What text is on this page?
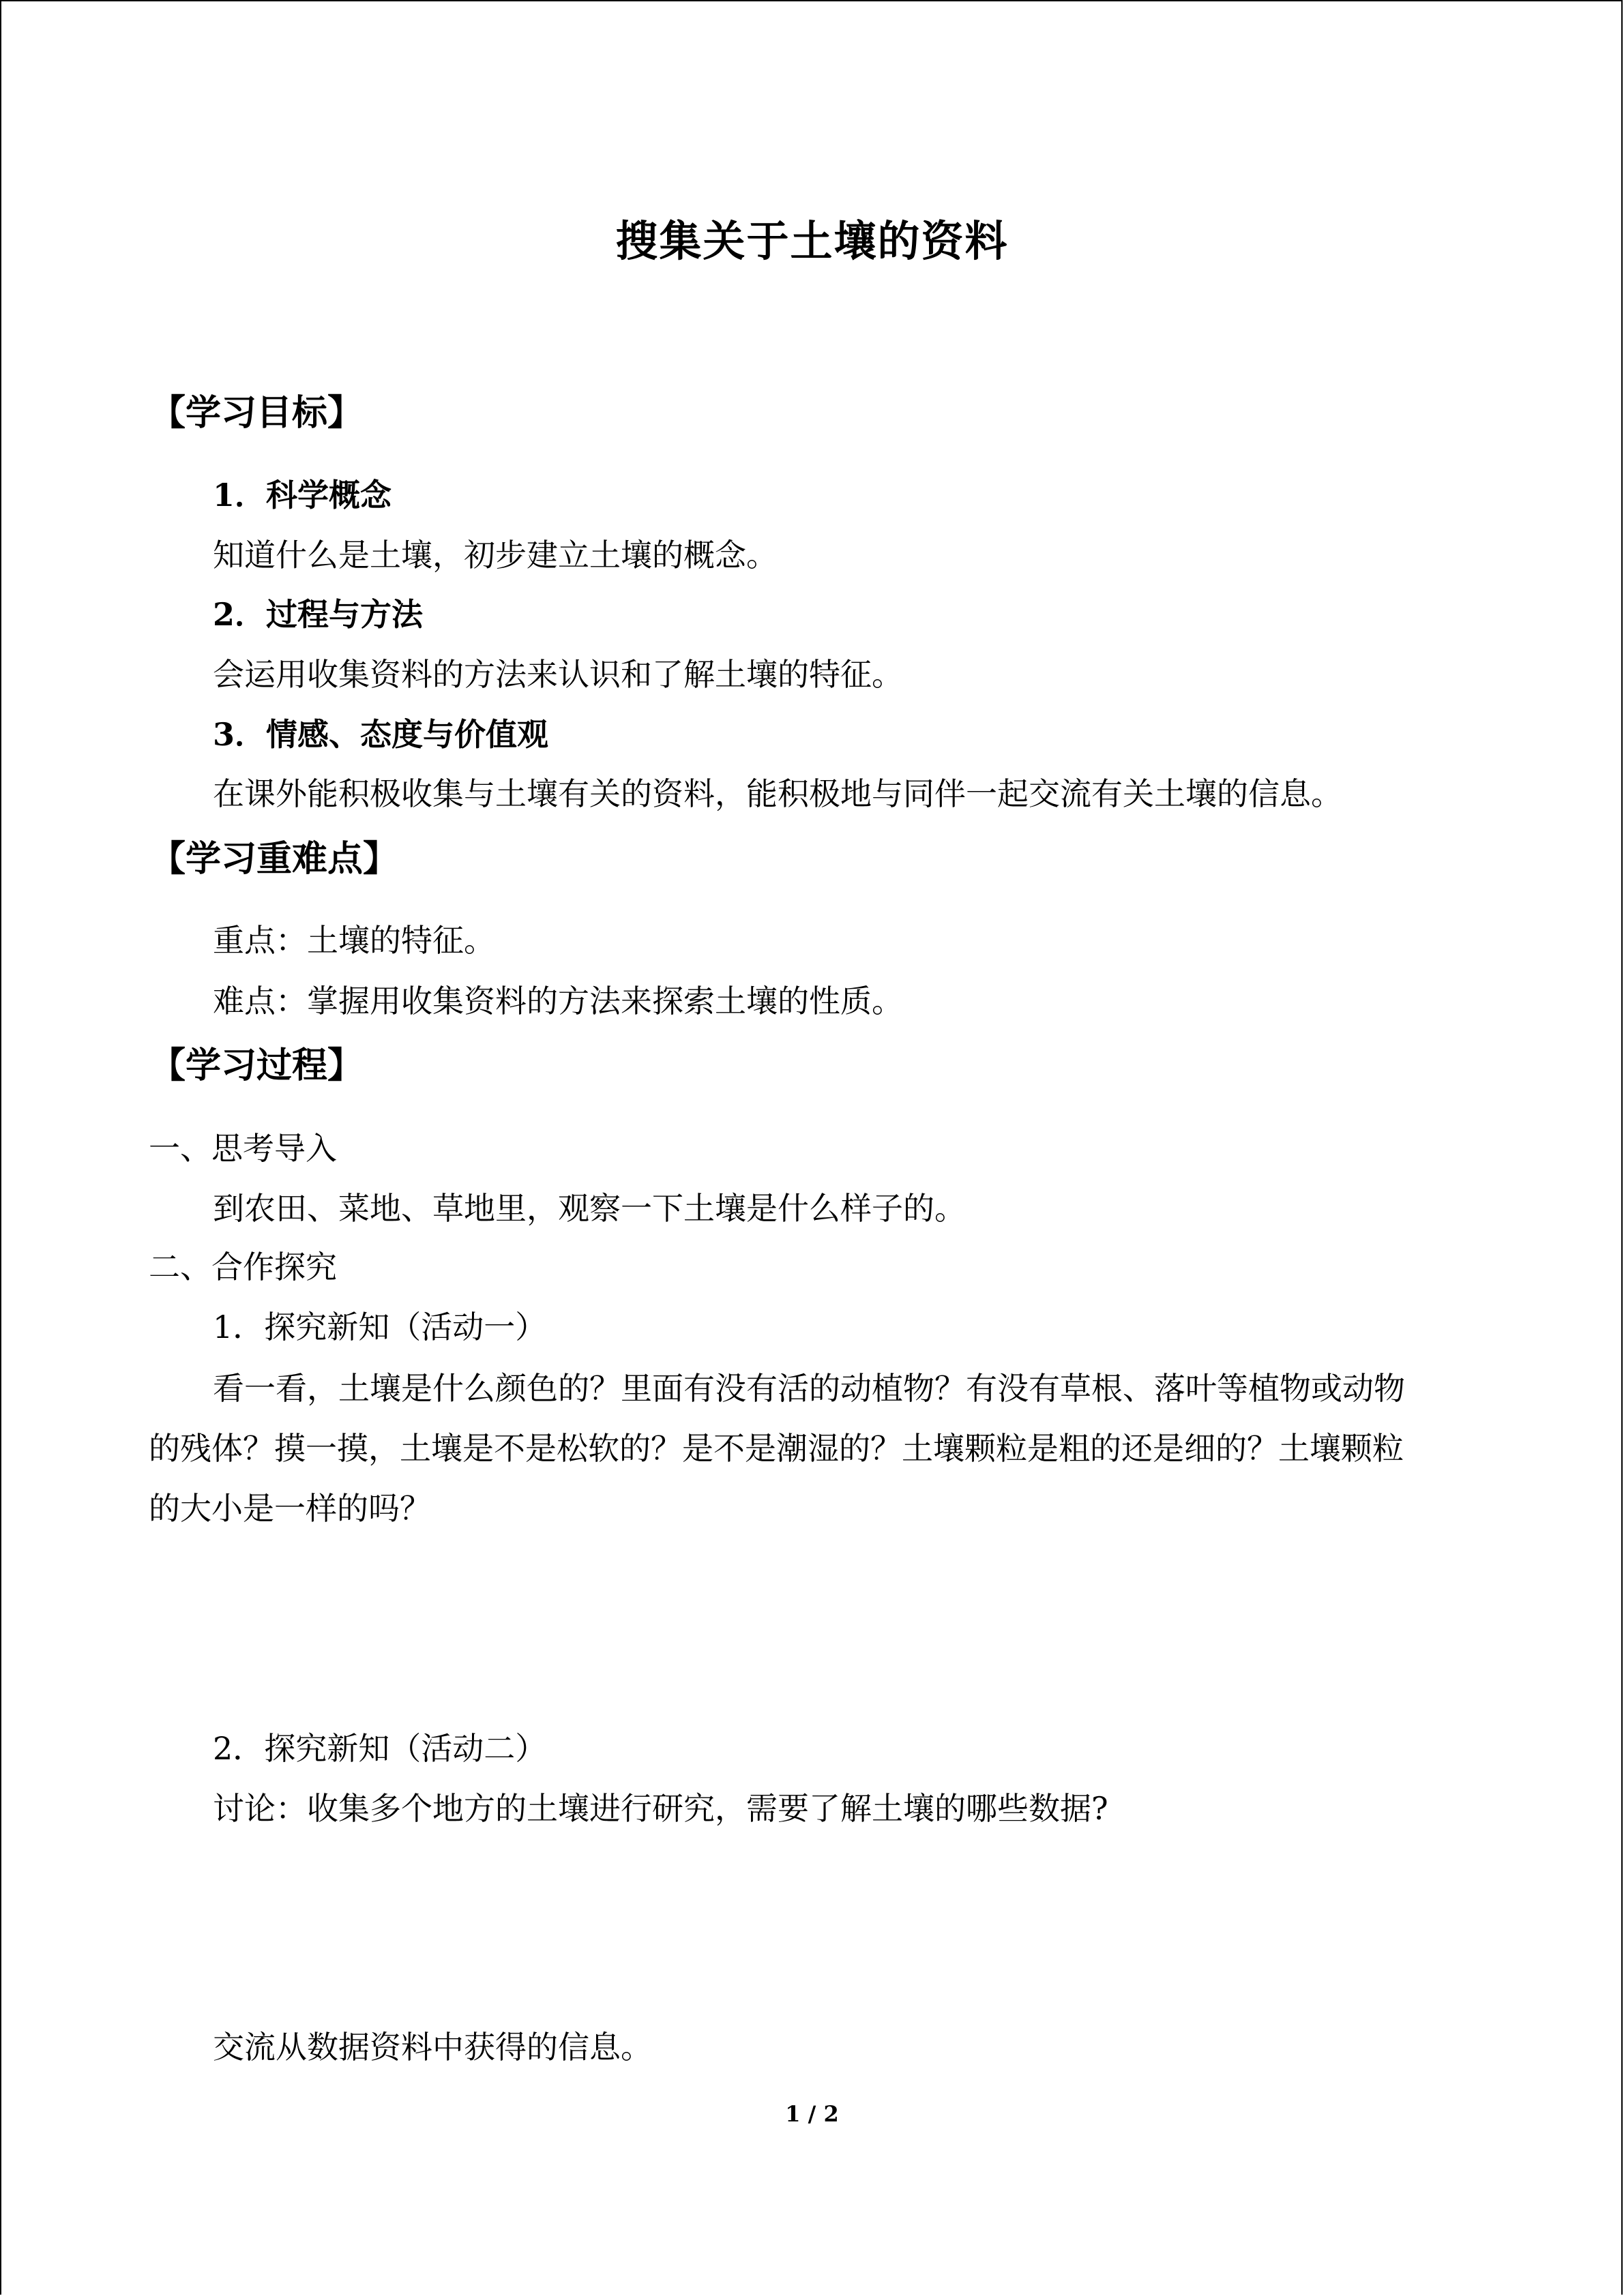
搜集关于土壤的资料
【学习目标】
1．科学概念
知道什么是土壤，初步建立土壤的概念。
2．过程与方法
会运用收集资料的方法来认识和了解土壤的特征。
3．情感、态度与价值观
在课外能积极收集与土壤有关的资料，能积极地与同伴一起交流有关土壤的信息。
【学习重难点】
重点：土壤的特征。
难点：掌握用收集资料的方法来探索土壤的性质。
【学习过程】
一、思考导入
到农田、菜地、草地里，观察一下土壤是什么样子的。
二、合作探究
1．探究新知（活动一）
看一看，土壤是什么颜色的？里面有没有活的动植物？有没有草根、落叶等植物或动物
的残体？摸一摸，土壤是不是松软的？是不是潮湿的？土壤颗粒是粗的还是细的？土壤颗粒
的大小是一样的吗？
2．探究新知（活动二）
讨论：收集多个地方的土壤进行研究，需要了解土壤的哪些数据?
交流从数据资料中获得的信息。
1 / 2
